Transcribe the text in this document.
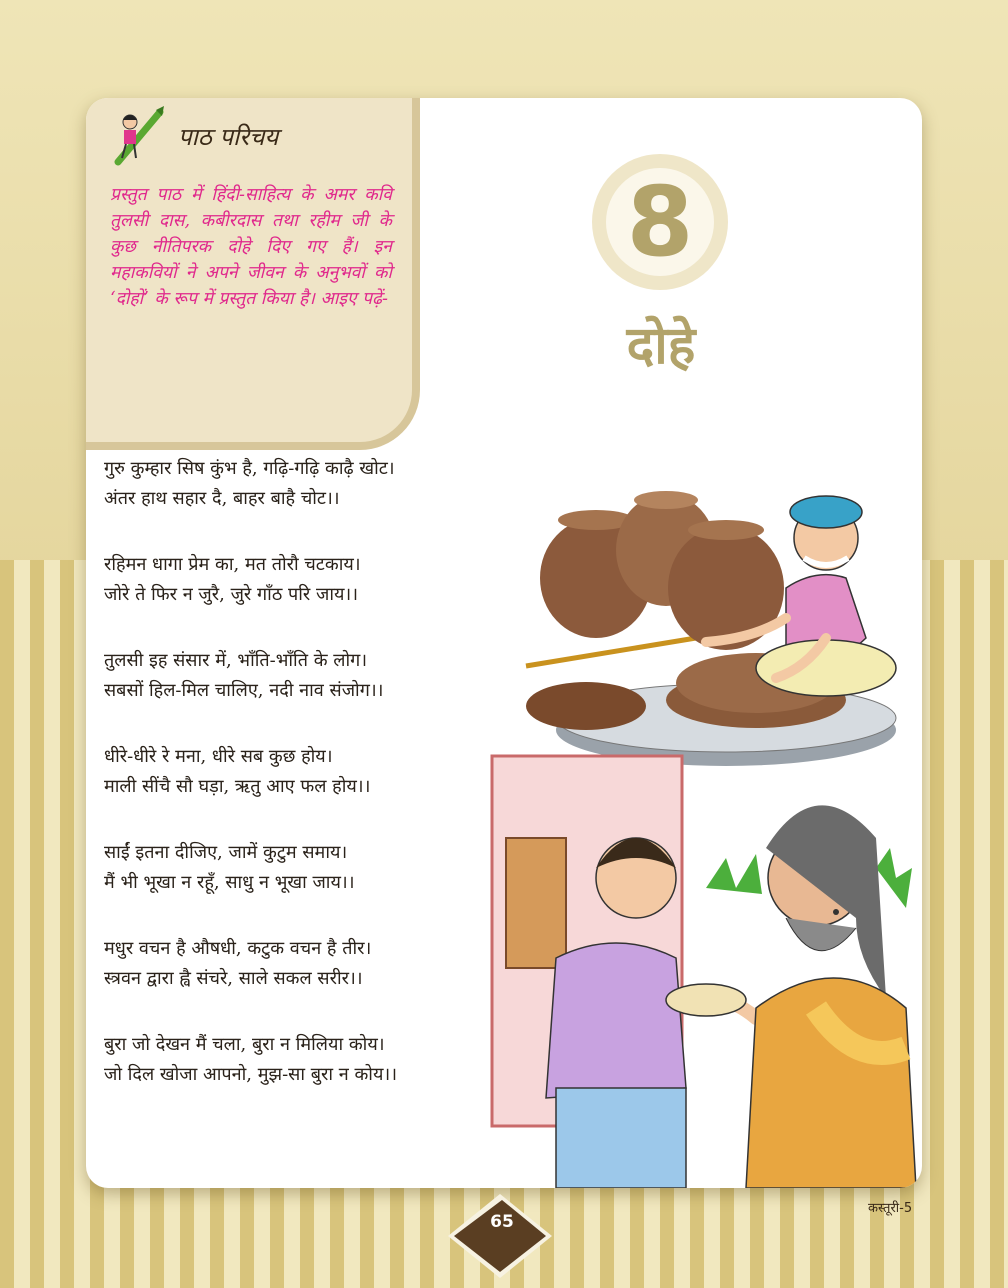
पाठ परिचय
प्रस्तुत पाठ में हिंदी-साहित्य के अमर कवि तुलसी दास, कबीरदास तथा रहीम जी के कुछ नीतिपरक दोहे दिए गए हैं। इन महाकवियों ने अपने जीवन के अनुभवों को ‘दोहों’ के रूप में प्रस्तुत किया है। आइए पढ़ें-
8
दोहे
गुरु कुम्हार सिष कुंभ है, गढ़ि-गढ़ि काढ़ै खोट।
अंतर हाथ सहार दै, बाहर बाहै चोट।।
रहिमन धागा प्रेम का, मत तोरौ चटकाय।
जोरे ते फिर न जुरै, जुरे गाँठ परि जाय।।
तुलसी इह संसार में, भाँति-भाँति के लोग।
सबसों हिल-मिल चालिए, नदी नाव संजोग।।
धीरे-धीरे रे मना, धीरे सब कुछ होय।
माली सींचै सौ घड़ा, ऋतु आए फल होय।।
साईं इतना दीजिए, जामें कुटुम समाय।
मैं भी भूखा न रहूँ, साधु न भूखा जाय।।
मधुर वचन है औषधी, कटुक वचन है तीर।
स्त्रवन द्वारा ह्वै संचरे, साले सकल सरीर।।
बुरा जो देखन मैं चला, बुरा न मिलिया कोय।
जो दिल खोजा आपनो, मुझ-सा बुरा न कोय।।
65
कस्तूरी-5
